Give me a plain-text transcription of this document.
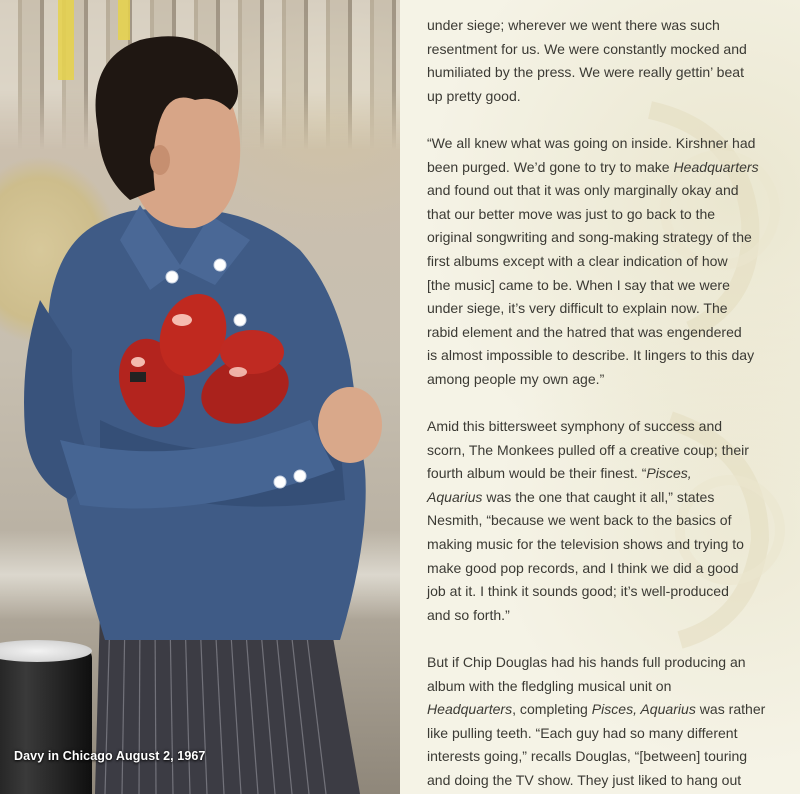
Davy in Chicago August 2, 1967
under siege; wherever we went there was such
resentment for us. We were constantly mocked and
humiliated by the press. We were really gettin’ beat
up pretty good.
“We all knew what was going on inside. Kirshner had
been purged. We’d gone to try to make Headquarters
and found out that it was only marginally okay and
that our better move was just to go back to the
original songwriting and song-making strategy of the
first albums except with a clear indication of how
[the music] came to be. When I say that we were
under siege, it’s very difficult to explain now. The
rabid element and the hatred that was engendered
is almost impossible to describe. It lingers to this day
among people my own age.”
Amid this bittersweet symphony of success and
scorn, The Monkees pulled off a creative coup; their
fourth album would be their finest. “Pisces,
Aquarius was the one that caught it all,” states
Nesmith, “because we went back to the basics of
making music for the television shows and trying to
make good pop records, and I think we did a good
job at it. I think it sounds good; it’s well-produced
and so forth.”
But if Chip Douglas had his hands full producing an
album with the fledgling musical unit on
Headquarters, completing Pisces, Aquarius was rather
like pulling teeth. “Each guy had so many different
interests going,” recalls Douglas, “[between] touring
and doing the TV show. They just liked to hang out
